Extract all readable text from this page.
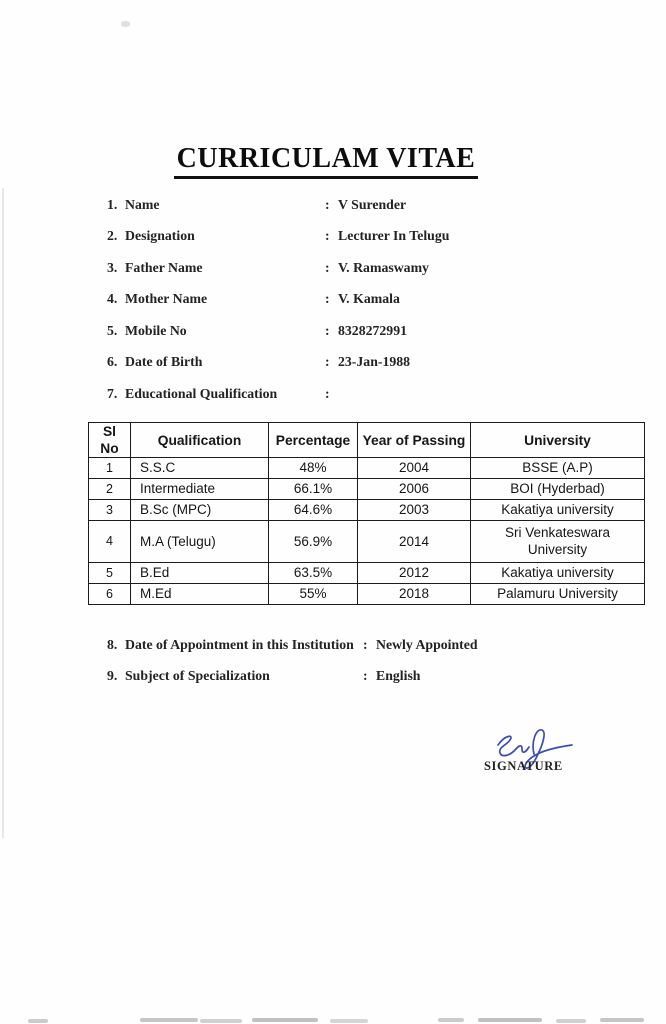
CURRICULAM VITAE
1. Name	: V Surender
2. Designation	: Lecturer In Telugu
3. Father Name	: V. Ramaswamy
4. Mother Name	: V. Kamala
5. Mobile No	: 8328272991
6. Date of Birth	: 23-Jan-1988
7. Educational Qualification	:
Sl No	Qualification	Percentage	Year of Passing	University
1	S.S.C	48%	2004	BSSE (A.P)
2	Intermediate	66.1%	2006	BOI (Hyderbad)
3	B.Sc (MPC)	64.6%	2003	Kakatiya university
4	M.A (Telugu)	56.9%	2014	Sri Venkateswara University
5	B.Ed	63.5%	2012	Kakatiya university
6	M.Ed	55%	2018	Palamuru University
8. Date of Appointment in this Institution : Newly Appointed
9. Subject of Specialization	: English
SIGNATURE
